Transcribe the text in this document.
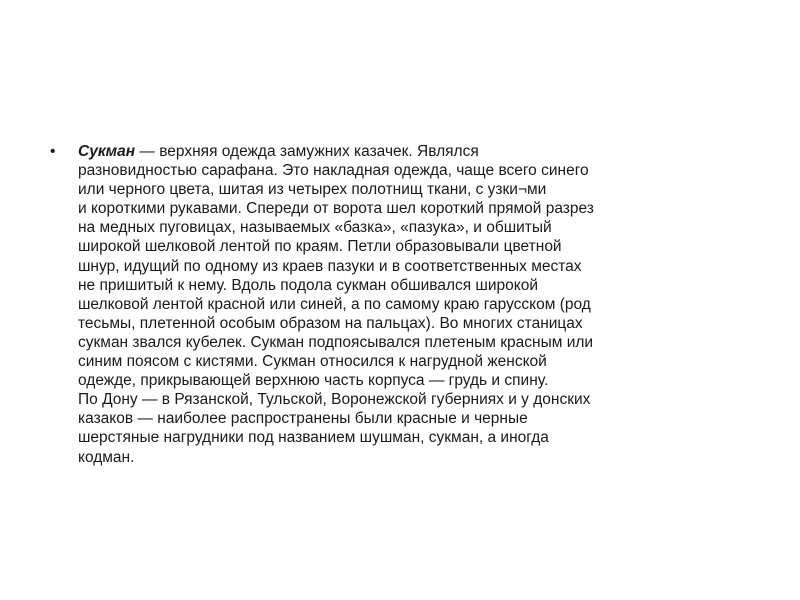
• Сукман — верхняя одежда замужних казачек. Являлся
разновидностью сарафана. Это накладная одежда, чаще всего синего
или черного цвета, шитая из четырех полотнищ ткани, с узки¬ми
и короткими рукавами. Спереди от ворота шел короткий прямой разрез
на медных пуговицах, называемых «базка», «пазука», и обшитый
широкой шелковой лентой по краям. Петли образовывали цветной
шнур, идущий по одному из краев пазуки и в соответственных местах
не пришитый к нему. Вдоль подола сукман обшивался широкой
шелковой лентой красной или синей, а по самому краю гарусском (род
тесьмы, плетенной особым образом на пальцах). Во многих станицах
сукман звался кубелек. Сукман подпоясывался плетеным красным или
синим поясом с кистями. Сукман относился к нагрудной женской
одежде, прикрывающей верхнюю часть корпуса — грудь и спину.
По Дону — в Рязанской, Тульской, Воронежской губерниях и у донских
казаков — наиболее распространены были красные и черные
шерстяные нагрудники под названием шушман, сукман, а иногда
кодман.
